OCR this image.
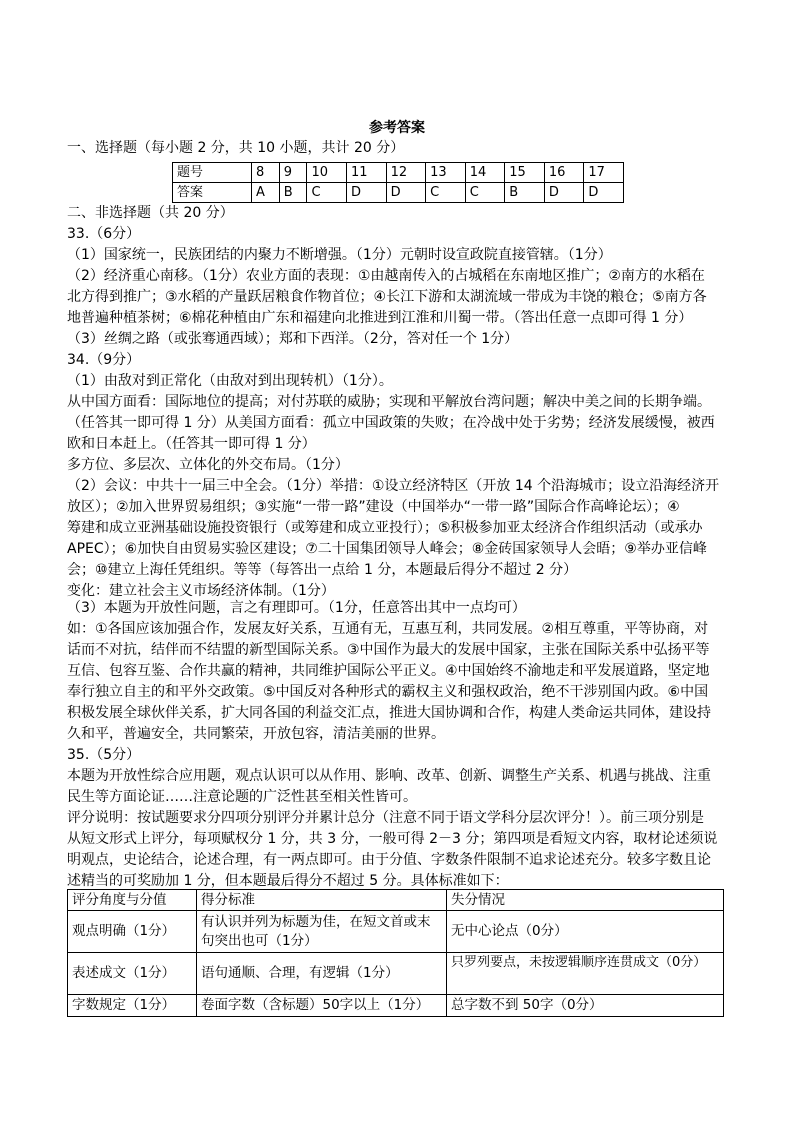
参考答案
一、选择题（每小题 2 分，共 10 小题，共计 20 分）
题号	8	9	10	11	12	13	14	15	16	17
答案	A	B	C	D	D	C	C	B	D	D
二、非选择题（共 20 分）
33.（6分）
（1）国家统一，民族团结的内聚力不断增强。（1分）元朝时设宣政院直接管辖。（1分）
（2）经济重心南移。（1分）农业方面的表现：①由越南传入的占城稻在东南地区推广；②南方的水稻在
北方得到推广；③水稻的产量跃居粮食作物首位；④长江下游和太湖流域一带成为丰饶的粮仓；⑤南方各
地普遍种植茶树；⑥棉花种植由广东和福建向北推进到江淮和川蜀一带。（答出任意一点即可得 1 分）
（3）丝绸之路（或张骞通西域）；郑和下西洋。（2分，答对任一个 1分）
34.（9分）
（1）由敌对到正常化（由敌对到出现转机）（1分）。
从中国方面看：国际地位的提高；对付苏联的威胁；实现和平解放台湾问题；解决中美之间的长期争端。
（任答其一即可得 1 分）从美国方面看：孤立中国政策的失败；在冷战中处于劣势；经济发展缓慢，被西
欧和日本赶上。（任答其一即可得 1 分）
多方位、多层次、立体化的外交布局。（1分）
（2）会议：中共十一届三中全会。（1分）举措：①设立经济特区（开放 14 个沿海城市；设立沿海经济开
放区）；②加入世界贸易组织；③实施“一带一路”建设（中国举办“一带一路”国际合作高峰论坛）；④
筹建和成立亚洲基础设施投资银行（或筹建和成立亚投行）；⑤积极参加亚太经济合作组织活动（或承办
APEC）；⑥加快自由贸易实验区建设；⑦二十国集团领导人峰会；⑧金砖国家领导人会晤；⑨举办亚信峰
会；⑩建立上海任凭组织。等等（每答出一点给 1 分，本题最后得分不超过 2 分）
变化：建立社会主义市场经济体制。（1分）
（3）本题为开放性问题，言之有理即可。（1分，任意答出其中一点均可）
如：①各国应该加强合作，发展友好关系，互通有无，互惠互利，共同发展。②相互尊重，平等协商，对
话而不对抗，结伴而不结盟的新型国际关系。③中国作为最大的发展中国家，主张在国际关系中弘扬平等
互信、包容互鉴、合作共赢的精神，共同维护国际公平正义。④中国始终不渝地走和平发展道路，坚定地
奉行独立自主的和平外交政策。⑤中国反对各种形式的霸权主义和强权政治，绝不干涉别国内政。⑥中国
积极发展全球伙伴关系，扩大同各国的利益交汇点，推进大国协调和合作，构建人类命运共同体，建设持
久和平，普遍安全，共同繁荣，开放包容，清洁美丽的世界。
35.（5分）
本题为开放性综合应用题，观点认识可以从作用、影响、改革、创新、调整生产关系、机遇与挑战、注重
民生等方面论证……注意论题的广泛性甚至相关性皆可。
评分说明：按试题要求分四项分别评分并累计总分（注意不同于语文学科分层次评分！）。前三项分别是
从短文形式上评分，每项赋权分 1 分，共 3 分，一般可得 2－3 分；第四项是看短文内容，取材论述须说
明观点，史论结合，论述合理，有一两点即可。由于分值、字数条件限制不追求论述充分。较多字数且论
述精当的可奖励加 1 分，但本题最后得分不超过 5 分。具体标准如下：
评分角度与分值	得分标准	失分情况
观点明确（1分）	有认识并列为标题为佳，在短文首或末句突出也可（1分）	无中心论点（0分）
表述成文（1分）	语句通顺、合理，有逻辑（1分）	只罗列要点，未按逻辑顺序连贯成文（0分）
字数规定（1分）	卷面字数（含标题）50字以上（1分）	总字数不到 50字（0分）
